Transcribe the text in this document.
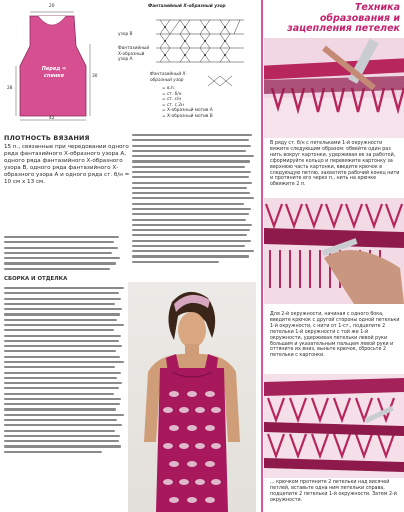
20
28
30
42
Перед = спинке
Фантазийный Х-образный узор
узор В
Фантазийный Х-образный узор А
Фантазийный Х-образный узор
= в.п.
= ст. б/н
= ст. с/н
= ст. с 2н
= Х-образный мотив А
= Х-образный мотив В
ПЛОТНОСТЬ ВЯЗАНИЯ
15 п., связанные при чередовании одного ряда фантазийного Х-образного узора А, одного ряда фантазийного Х-образного узора В, одного ряда фантазийного Х-образного узора А и одного ряда ст. б/н = 10 см x 13 см.
СБОРКА И ОТДЕЛКА
Техника
образования и
зацепления петелек
В ряду ст. б/н с петельками 1-й окружности вяжите следующим образом: обвейте один раз нить вокруг картонки, удерживая ее за работой, сформируйте кольцо и перевяжите картонку за верхнюю часть картонки, введите крючок в следующую петлю, захватите рабочий конец нити и протяните его через п., нить на крючке обвяжите 2 п.
Для 2-й окружности, начиная с одного бока, введите крючок с другой стороны одной петельки 1-й окружности, с нити от 1-ст., подцепите 2 петельки 1-й окружности с той же 1-й окружности, удерживая петельки левой руки большим и указательным пальцем левой руки и оттяните их вниз, выньте крючок, сбросьте 2 петельки с картонки.
... крючком протяните 2 петельки над висячей петлей, вставьте одна ним петельки справа, подцепите 2 петельки 1-й окружности. Затем 2-й окружности.
